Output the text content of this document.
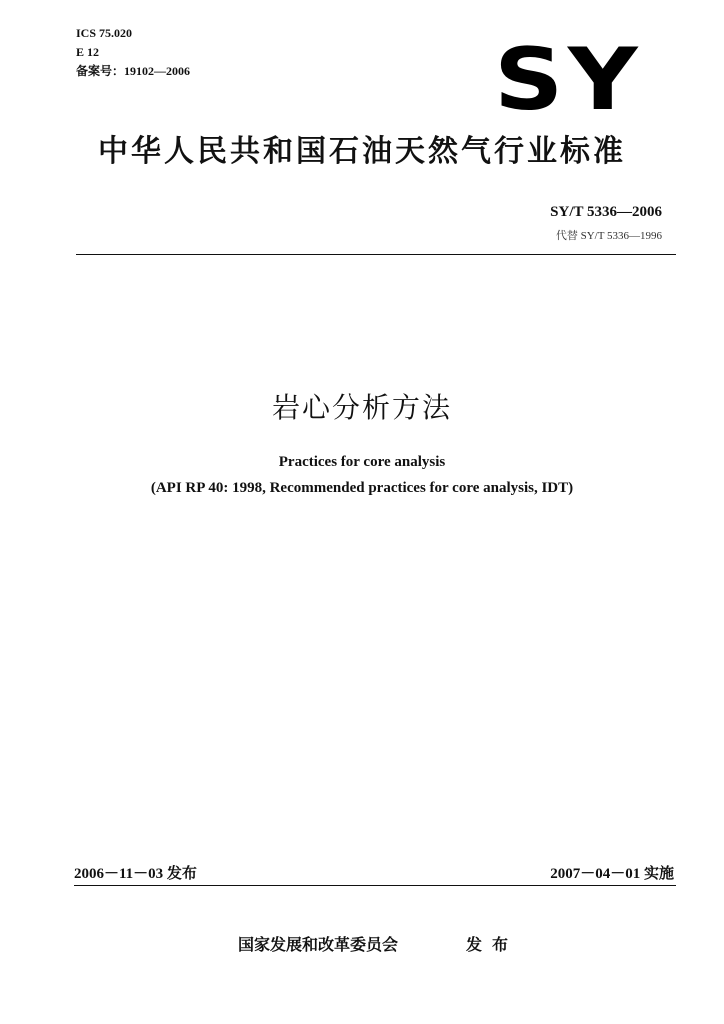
ICS 75.020
E 12
备案号：19102—2006	SY
中华人民共和国石油天然气行业标准
SY/T 5336—2006
代替 SY/T 5336—1996
岩心分析方法
Practices for core analysis
(API RP 40: 1998, Recommended practices for core analysis, IDT)
2006－11－03 发布	2007－04－01 实施
国家发展和改革委员会	发布
